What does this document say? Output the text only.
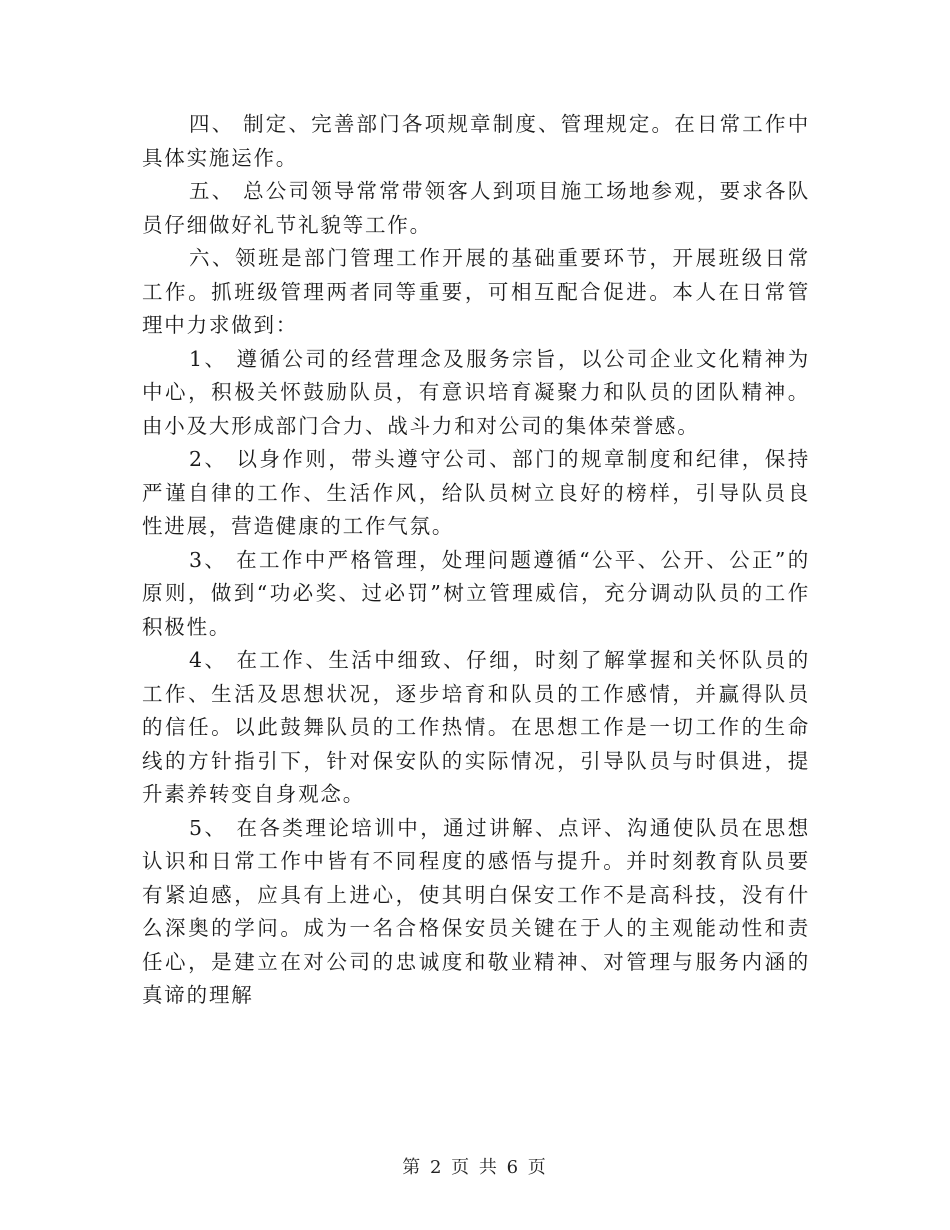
四、 制定、完善部门各项规章制度、管理规定。在日常工作中具体实施运作。

五、 总公司领导常常带领客人到项目施工场地参观，要求各队员仔细做好礼节礼貌等工作。

六、领班是部门管理工作开展的基础重要环节，开展班级日常工作。抓班级管理两者同等重要，可相互配合促进。本人在日常管理中力求做到：

1、 遵循公司的经营理念及服务宗旨，以公司企业文化精神为中心，积极关怀鼓励队员，有意识培育凝聚力和队员的团队精神。由小及大形成部门合力、战斗力和对公司的集体荣誉感。

2、 以身作则，带头遵守公司、部门的规章制度和纪律，保持严谨自律的工作、生活作风，给队员树立良好的榜样，引导队员良性进展，营造健康的工作气氛。

3、 在工作中严格管理，处理问题遵循“公平、公开、公正”的原则，做到“功必奖、过必罚”树立管理威信，充分调动队员的工作积极性。

4、 在工作、生活中细致、仔细，时刻了解掌握和关怀队员的工作、生活及思想状况，逐步培育和队员的工作感情，并赢得队员的信任。以此鼓舞队员的工作热情。在思想工作是一切工作的生命线的方针指引下，针对保安队的实际情况，引导队员与时俱进，提升素养转变自身观念。

5、 在各类理论培训中，通过讲解、点评、沟通使队员在思想认识和日常工作中皆有不同程度的感悟与提升。并时刻教育队员要有紧迫感，应具有上进心，使其明白保安工作不是高科技，没有什么深奥的学问。成为一名合格保安员关键在于人的主观能动性和责任心，是建立在对公司的忠诚度和敬业精神、对管理与服务内涵的真谛的理解

第 2 页 共 6 页
